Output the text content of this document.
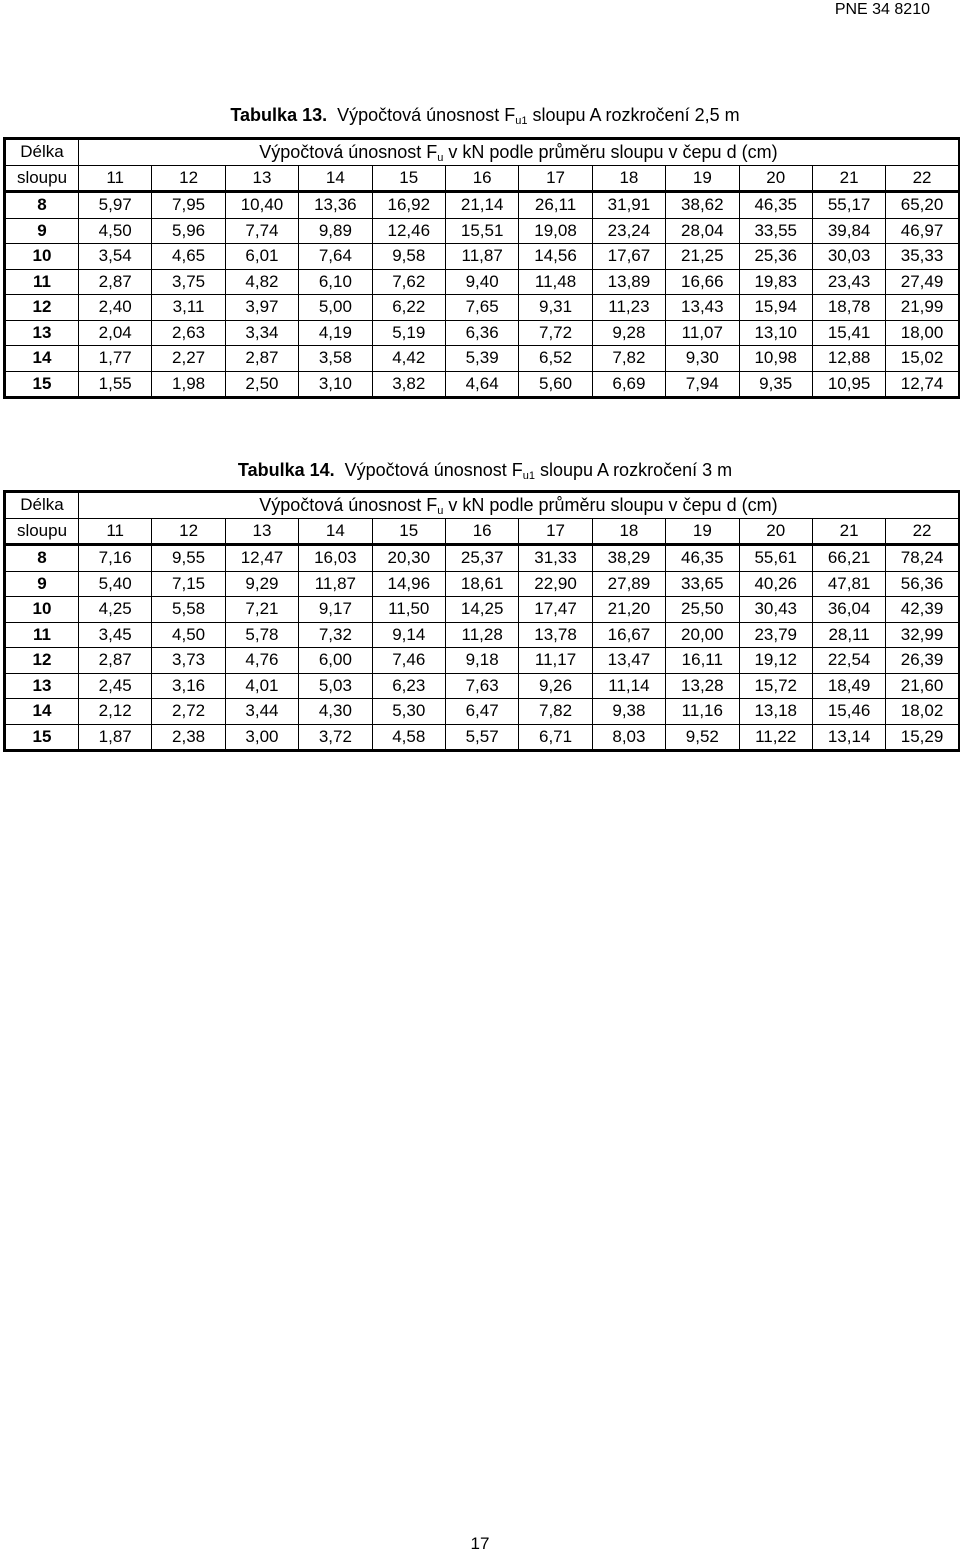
PNE 34 8210

Tabulka 13. Výpočtová únosnost $F_{u1}$ sloupu A rozkročení 2,5 m

Délka	Výpočtová únosnost $F_u$ v kN podle průměru sloupu v čepu d (cm)											
sloupu	11	12	13	14	15	16	17	18	19	20	21	22
8	5,97	7,95	10,40	13,36	16,92	21,14	26,11	31,91	38,62	46,35	55,17	65,20
9	4,50	5,96	7,74	9,89	12,46	15,51	19,08	23,24	28,04	33,55	39,84	46,97
10	3,54	4,65	6,01	7,64	9,58	11,87	14,56	17,67	21,25	25,36	30,03	35,33
11	2,87	3,75	4,82	6,10	7,62	9,40	11,48	13,89	16,66	19,83	23,43	27,49
12	2,40	3,11	3,97	5,00	6,22	7,65	9,31	11,23	13,43	15,94	18,78	21,99
13	2,04	2,63	3,34	4,19	5,19	6,36	7,72	9,28	11,07	13,10	15,41	18,00
14	1,77	2,27	2,87	3,58	4,42	5,39	6,52	7,82	9,30	10,98	12,88	15,02
15	1,55	1,98	2,50	3,10	3,82	4,64	5,60	6,69	7,94	9,35	10,95	12,74

Tabulka 14. Výpočtová únosnost $F_{u1}$ sloupu A rozkročení 3 m

Délka	Výpočtová únosnost $F_u$ v kN podle průměru sloupu v čepu d (cm)											
sloupu	11	12	13	14	15	16	17	18	19	20	21	22
8	7,16	9,55	12,47	16,03	20,30	25,37	31,33	38,29	46,35	55,61	66,21	78,24
9	5,40	7,15	9,29	11,87	14,96	18,61	22,90	27,89	33,65	40,26	47,81	56,36
10	4,25	5,58	7,21	9,17	11,50	14,25	17,47	21,20	25,50	30,43	36,04	42,39
11	3,45	4,50	5,78	7,32	9,14	11,28	13,78	16,67	20,00	23,79	28,11	32,99
12	2,87	3,73	4,76	6,00	7,46	9,18	11,17	13,47	16,11	19,12	22,54	26,39
13	2,45	3,16	4,01	5,03	6,23	7,63	9,26	11,14	13,28	15,72	18,49	21,60
14	2,12	2,72	3,44	4,30	5,30	6,47	7,82	9,38	11,16	13,18	15,46	18,02
15	1,87	2,38	3,00	3,72	4,58	5,57	6,71	8,03	9,52	11,22	13,14	15,29
17
